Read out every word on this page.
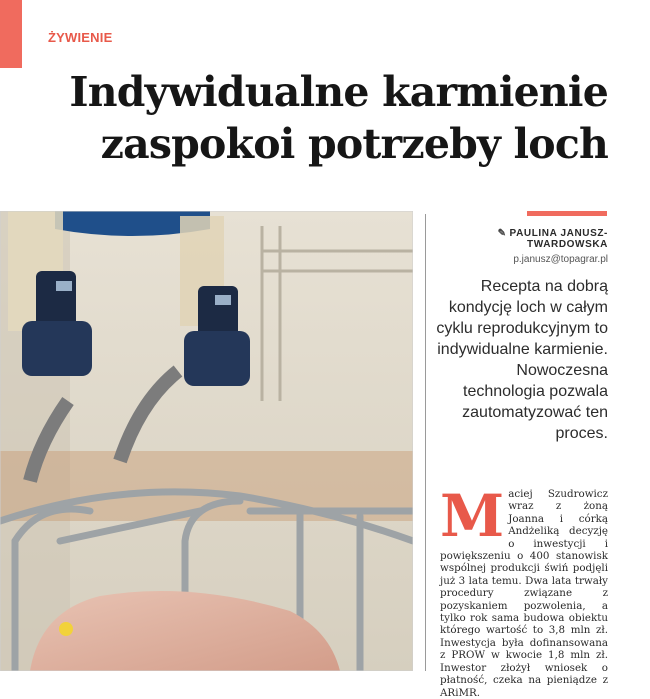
ŻYWIENIE
Indywidualne karmienie zaspokoi potrzeby loch
✎ PAULINA JANUSZ-TWARDOWSKA
p.janusz@topagrar.pl

Recepta na dobrą kondycję loch w całym cyklu reprodukcyjnym to indywidualne karmienie. Nowoczesna technologia pozwala zautomatyzować ten proces.

Maciej Szudrowicz wraz z żoną Joanna i córką Andżeliką decyzję o inwestycji i powiększeniu o 400 stanowisk wspólnej produkcji świń podjęli już 3 lata temu. Dwa lata trwały procedury związane z pozyskaniem pozwolenia, a tylko rok sama budowa obiektu którego wartość to 3,8 mln zł. Inwestycja była dofinansowana z PROW w kwocie 1,8 mln zł. Inwestor złożył wniosek o płatność, czeka na pieniądze z ARiMR.
